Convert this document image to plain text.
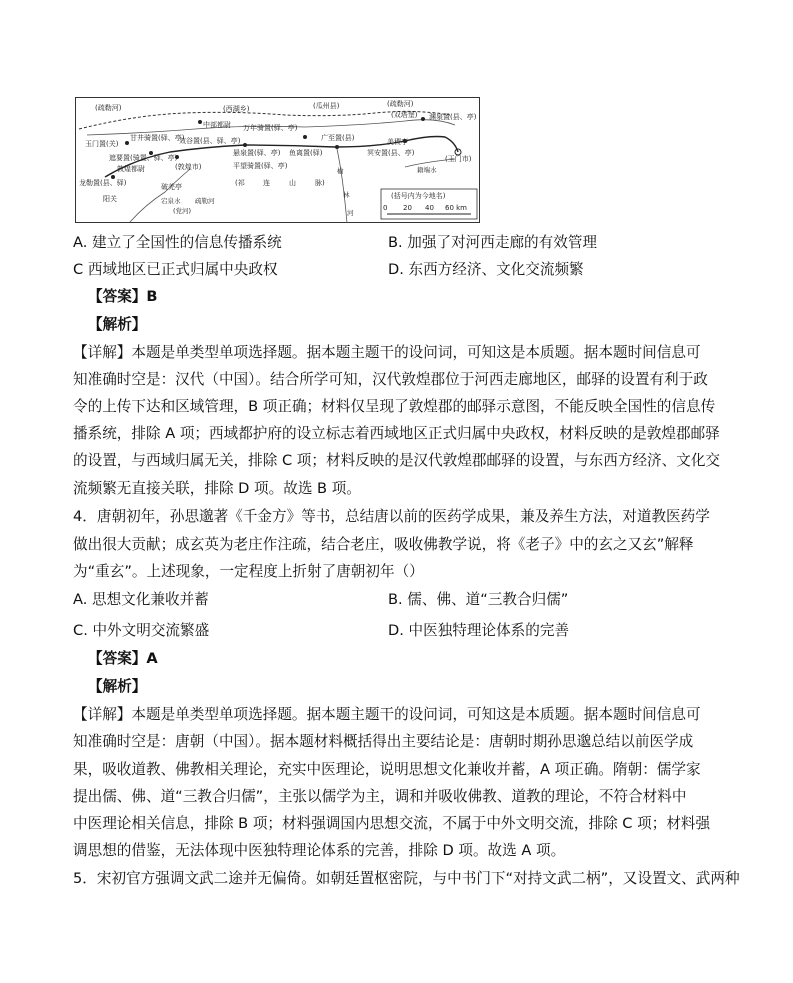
(疏勒河)
玉门置(关)
甘井骑置(驿、亭)
中部都尉
(西湖乡)
万年骑置(驿、亭)
(瓜州县)	(疏勒河)
(双塔堡) 渊泉置(县、亭)
(玉门市)
遮要置(骑置、驿、亭)
效谷置(县、驿、亭)	广至置(县)	美稷亭
敦煌都尉	(敦煌市)
悬泉置(驿、亭) 鱼离置(驿)	冥安置(县、亭)
平望骑置(驿、亭)
龙勒置(县、驿)
阳关
破羌亭
(党河)
(祁	连	山	脉)
籍端水
疏勒河
宕泉水
榆
林
河
(括号内为今地名)
0 20 40 60 km
A. 建立了全国性的信息传播系统	B. 加强了对河西走廊的有效管理
C 西域地区已正式归属中央政权	D. 东西方经济、文化交流频繁
【答案】B
【解析】
【详解】本题是单类型单项选择题。据本题主题干的设问词，可知这是本质题。据本题时间信息可
知准确时空是：汉代（中国）。结合所学可知，汉代敦煌郡位于河西走廊地区，邮驿的设置有利于政
令的上传下达和区域管理，B 项正确；材料仅呈现了敦煌郡的邮驿示意图，不能反映全国性的信息传
播系统，排除 A 项；西域都护府的设立标志着西域地区正式归属中央政权，材料反映的是敦煌郡邮驿
的设置，与西域归属无关，排除 C 项；材料反映的是汉代敦煌郡邮驿的设置，与东西方经济、文化交
流频繁无直接关联，排除 D 项。故选 B 项。
4．唐朝初年，孙思邈著《千金方》等书，总结唐以前的医药学成果，兼及养生方法，对道教医药学
做出很大贡献；成玄英为老庄作注疏，结合老庄，吸收佛教学说，将《老子》中的玄之又玄”解释
为“重玄”。上述现象，一定程度上折射了唐朝初年（）
A. 思想文化兼收并蓄	B. 儒、佛、道“三教合归儒”
C. 中外文明交流繁盛	D. 中医独特理论体系的完善
【答案】A
【解析】
【详解】本题是单类型单项选择题。据本题主题干的设问词，可知这是本质题。据本题时间信息可
知准确时空是：唐朝（中国）。据本题材料概括得出主要结论是：唐朝时期孙思邈总结以前医学成
果，吸收道教、佛教相关理论，充实中医理论，说明思想文化兼收并蓄，A 项正确。隋朝：儒学家
提出儒、佛、道“三教合归儒”，主张以儒学为主，调和并吸收佛教、道教的理论，不符合材料中
中医理论相关信息，排除 B 项；材料强调国内思想交流，不属于中外文明交流，排除 C 项；材料强
调思想的借鉴，无法体现中医独特理论体系的完善，排除 D 项。故选 A 项。
5．宋初官方强调文武二途并无偏倚。如朝廷置枢密院，与中书门下“对持文武二柄”，又设置文、武两种
